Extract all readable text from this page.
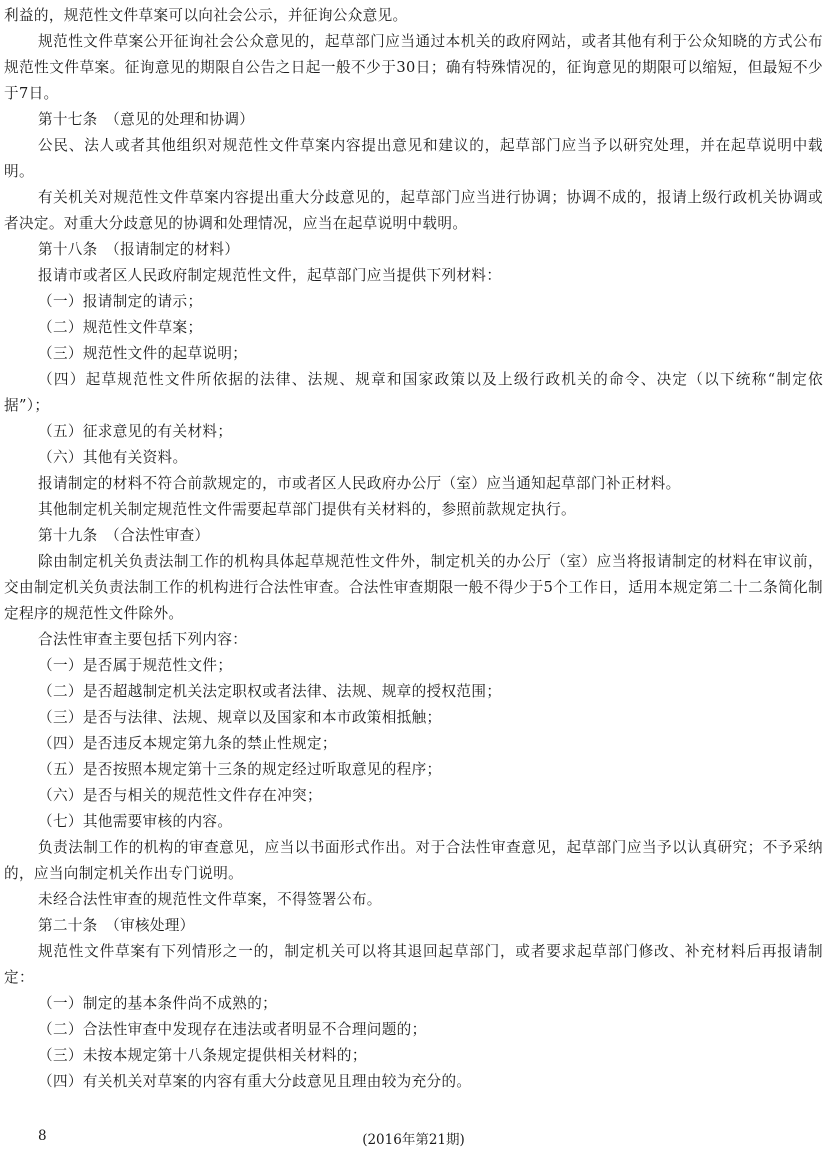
利益的，规范性文件草案可以向社会公示，并征询公众意见。

规范性文件草案公开征询社会公众意见的，起草部门应当通过本机关的政府网站，或者其他有利于公众知晓的方式公布规范性文件草案。征询意见的期限自公告之日起一般不少于30日；确有特殊情况的，征询意见的期限可以缩短，但最短不少于7日。

第十七条　（意见的处理和协调）

公民、法人或者其他组织对规范性文件草案内容提出意见和建议的，起草部门应当予以研究处理，并在起草说明中载明。

有关机关对规范性文件草案内容提出重大分歧意见的，起草部门应当进行协调；协调不成的，报请上级行政机关协调或者决定。对重大分歧意见的协调和处理情况，应当在起草说明中载明。

第十八条　（报请制定的材料）

报请市或者区人民政府制定规范性文件，起草部门应当提供下列材料：

（一）报请制定的请示；

（二）规范性文件草案；

（三）规范性文件的起草说明；

（四）起草规范性文件所依据的法律、法规、规章和国家政策以及上级行政机关的命令、决定（以下统称“制定依据”）；

（五）征求意见的有关材料；

（六）其他有关资料。

报请制定的材料不符合前款规定的，市或者区人民政府办公厅（室）应当通知起草部门补正材料。

其他制定机关制定规范性文件需要起草部门提供有关材料的，参照前款规定执行。

第十九条　（合法性审查）

除由制定机关负责法制工作的机构具体起草规范性文件外，制定机关的办公厅（室）应当将报请制定的材料在审议前，交由制定机关负责法制工作的机构进行合法性审查。合法性审查期限一般不得少于5个工作日，适用本规定第二十二条简化制定程序的规范性文件除外。

合法性审查主要包括下列内容：

（一）是否属于规范性文件；

（二）是否超越制定机关法定职权或者法律、法规、规章的授权范围；

（三）是否与法律、法规、规章以及国家和本市政策相抵触；

（四）是否违反本规定第九条的禁止性规定；

（五）是否按照本规定第十三条的规定经过听取意见的程序；

（六）是否与相关的规范性文件存在冲突；

（七）其他需要审核的内容。

负责法制工作的机构的审查意见，应当以书面形式作出。对于合法性审查意见，起草部门应当予以认真研究；不予采纳的，应当向制定机关作出专门说明。

未经合法性审查的规范性文件草案，不得签署公布。

第二十条　（审核处理）

规范性文件草案有下列情形之一的，制定机关可以将其退回起草部门，或者要求起草部门修改、补充材料后再报请制定：

（一）制定的基本条件尚不成熟的；

（二）合法性审查中发现存在违法或者明显不合理问题的；

（三）未按本规定第十八条规定提供相关材料的；

（四）有关机关对草案的内容有重大分歧意见且理由较为充分的。

8	(2016年第21期)
